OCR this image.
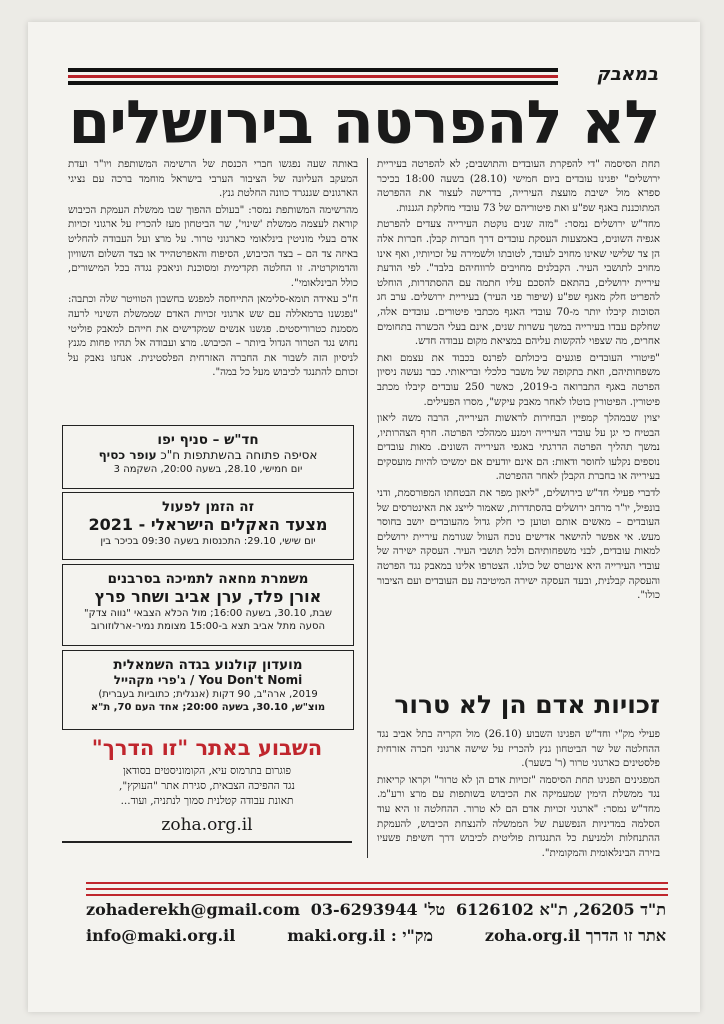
במאבק
לא להפרטה בירושלים

תחת הסיסמה "די להפקרת העובדים והתושבים; לא להפרטה בעיריית ירושלים" יפגינו עובדים ביום חמישי (28.10) בשעה 18:00 בכיכר ספרא מול ישיבת מועצת העירייה, בדרישה לעצור את ההפרטה המתוכננת באגף שפ"ע ואת פיטוריהם של 73 עובדי מחלקת הגננות.

מחד"ש ירושלים נמסר: "מזה שנים נוקטת העירייה צעדים להפרטת אגפיה השונים, באמצעות העסקת עובדים דרך חברות קבלן. חברות אלה הן צד שלישי שאינו מחויב לעובד, לטובתו ולשמירה על זכויותיו, ואף אינו מחויב לתושבי העיר. הקבלנים מחויבים לרווחיהם בלבד". לפי הודעת עיריית ירושלים, בהתאם להסכם עליו חתמה עם ההסתדרות, הוחלט להפריט חלק מאגף שפ"ע (שיפור פני העיר) בעיריית ירושלים. ערב חג הסוכות קיבלו יותר מ-70 עובדי האגף מכתבי פיטורים. עובדים אלה, שחלקם עבדו בעירייה במשך עשרות שנים, אינם בעלי הכשרה בתחומים אחרים, מה שצפוי להקשות עליהם במציאת מקום עבודה חדש.

"פיטורי העובדים פוגעים ביכולתם לפרנס בכבוד את עצמם ואת משפחותיהם, וזאת בתקופה של משבר כלכלי ובריאותי. כבר נעשה ניסיון הפרטה באגף התברואה ב-2019, כאשר 250 עובדים קיבלו מכתב פיטורין. הפיטורין בוטלו לאחר מאבק עיקש", מסרו הפעילים.

יצוין שבמהלך קמפיין הבחירות לראשות העירייה, הרבה משה ליאון הבטיח כי יגן על עובדי העירייה וימנע ממהלכי הפרטה. חרף הצהרותיו, נמשך תהליך הפרטה הדרגתי באגפי העירייה השונים. מאות עובדים נוספים נקלעו לחוסר ודאות: הם אינם יודעים אם ימשיכו להיות מועסקים בעירייה או בחברת הקבלן לאחר ההפרטה.

לדברי פעילי חד"ש בירושלים, "ליאון מפר את הבטחתו המפורסמת, ודני בונפיל, יו"ר מרחב ירושלים בהסתדרות, שאמור לייצג את האינטרסים של העובדים – מאשים אותם וטוען כי חלק גדול מהעובדים יושב בחוסר מעש. אי אפשר להישאר אדישים נוכח העוול שגורמת עיריית ירושלים למאות עובדים, לבני משפחותיהם ולכל תושבי העיר. העסקה ישירה של עובדי העירייה היא אינטרס של כולנו. הצטרפו אלינו במאבק נגד הפרטה והעסקה קבלנית, ובעד העסקה ישירה המיטיבה עם העובדים ועם הציבור כולו".

באותה שעה נפגשו חברי הכנסת של הרשימה המשותפת ויו"ר ועדת המעקב העליונה של הציבור הערבי בישראל מוחמד ברכה עם נציגי הארגונים שגנגרד כוונה החלטת גנץ.

מהרשימה המשותפת נמסר: "בעולם ההפוך שבו ממשלת העמקת הכיבוש קוראת לעצמה ממשלת 'שינוי', שר הביטחון מעז להכריז על ארגוני זכויות אדם בעלי מוניטין בינלאומי כארגוני טרור. על מרצ ועל העבודה להחליט באיזה צד הם – בצד הכיבוש, הסיפוח והאפרטהייד או בצד השלום השוויון והדמוקרטיה. זו החלטה תקדימית ומסוכנת וניאבק נגדה בכל המישורים, כולל הבינלאומי".

ח"כ עאידה תומא-סלימאן התייחסה למפגש בחשבון הטוויטר שלה וכתבה: "נפגשנו ברמאללה עם שש ארגוני זכויות האדם שממשלת השינוי לרעה מסמנת כטרוריסטים. פגשנו אנשים שמקדישים את חייהם למאבק פוליטי נחוש נגד הטרור הגדול ביותר – הכיבוש. מרצ ועבודה אל תהיו פחות מגנץ לניסיון הזה לשבור את החברה האזרחית הפלסטינית. אנחנו נאבק על זכותם להתנגד לכיבוש מעל כל במה".

חד"ש – סניף יפו
אסיפה פתוחה בהשתתפות ח"כ עופר כסיף
יום חמישי, 28.10, בשעה 20:00, השקמה 3
זה הזמן לפעול
מצעד האקלים הישראלי - 2021
יום שישי, 29.10: התכנסות בשעה 09:30 בכיכר בין
משמרת מחאה לתמיכה בסרבנים
אורן פלד, ערן אביב ושחר פרץ
שבת, 30.10, בשעה 16:00; מול הכלא הצבאי "נווה צדק"
הסעה מתל אביב תצא ב-15:00 מצומת נמיר-ארלוזורוב
מועדון קולנוע בגדה השמאלית
You Don't Nomi / ג'פרי מקהייל
2019, ארה"ב, 90 דקות (אנגלית; כתוביות בעברית)
מוצ"ש, 30.10, בשעה 20:00; אחד העם 70, ת"א
השבוע באתר "זו הדרך"
פוגרום בתרמוס עיא, הקומוניסטים בסודאן
נגד ההפיכה הצבאית, סגירת אתר "העוקץ",
תאונת עבודה קטלנית סמוך לנתניה, ועוד...
zoha.org.il
זכויות אדם הן לא טרור

פעילי מק"י וחד"ש הפגינו השבוע (26.10) מול הקריה בתל אביב נגד ההחלטה של שר הביטחון גנץ להכריז על שישה ארגוני חברה אזרחית פלסטינים כארגוני טרור (ר' בשער).

המפגינים הפגינו תחת הסיסמה "זכויות אדם הן לא טרור" וקראו קריאות נגד ממשלת הימין שמעמיקה את הכיבוש בשותפות עם מרצ ורע"מ. מחד"ש נמסר: "ארגוני זכויות אדם הם לא טרור. ההחלטה זו היא עוד הסלמה במדיניות הנפשעת של הממשלה להנצחת הכיבוש, להעמקת ההתנחלות ולמניעת כל התנגדות פוליטית לכיבוש דרך חשיפת פשעיו בזירה הבינלאומית והמקומית".

ת"ד 26205, ת"א 6126102
טל' 03-6293944
zohaderekh@gmail.com
אתר זו הדרך zoha.org.il
מק"י : maki.org.il
info@maki.org.il
